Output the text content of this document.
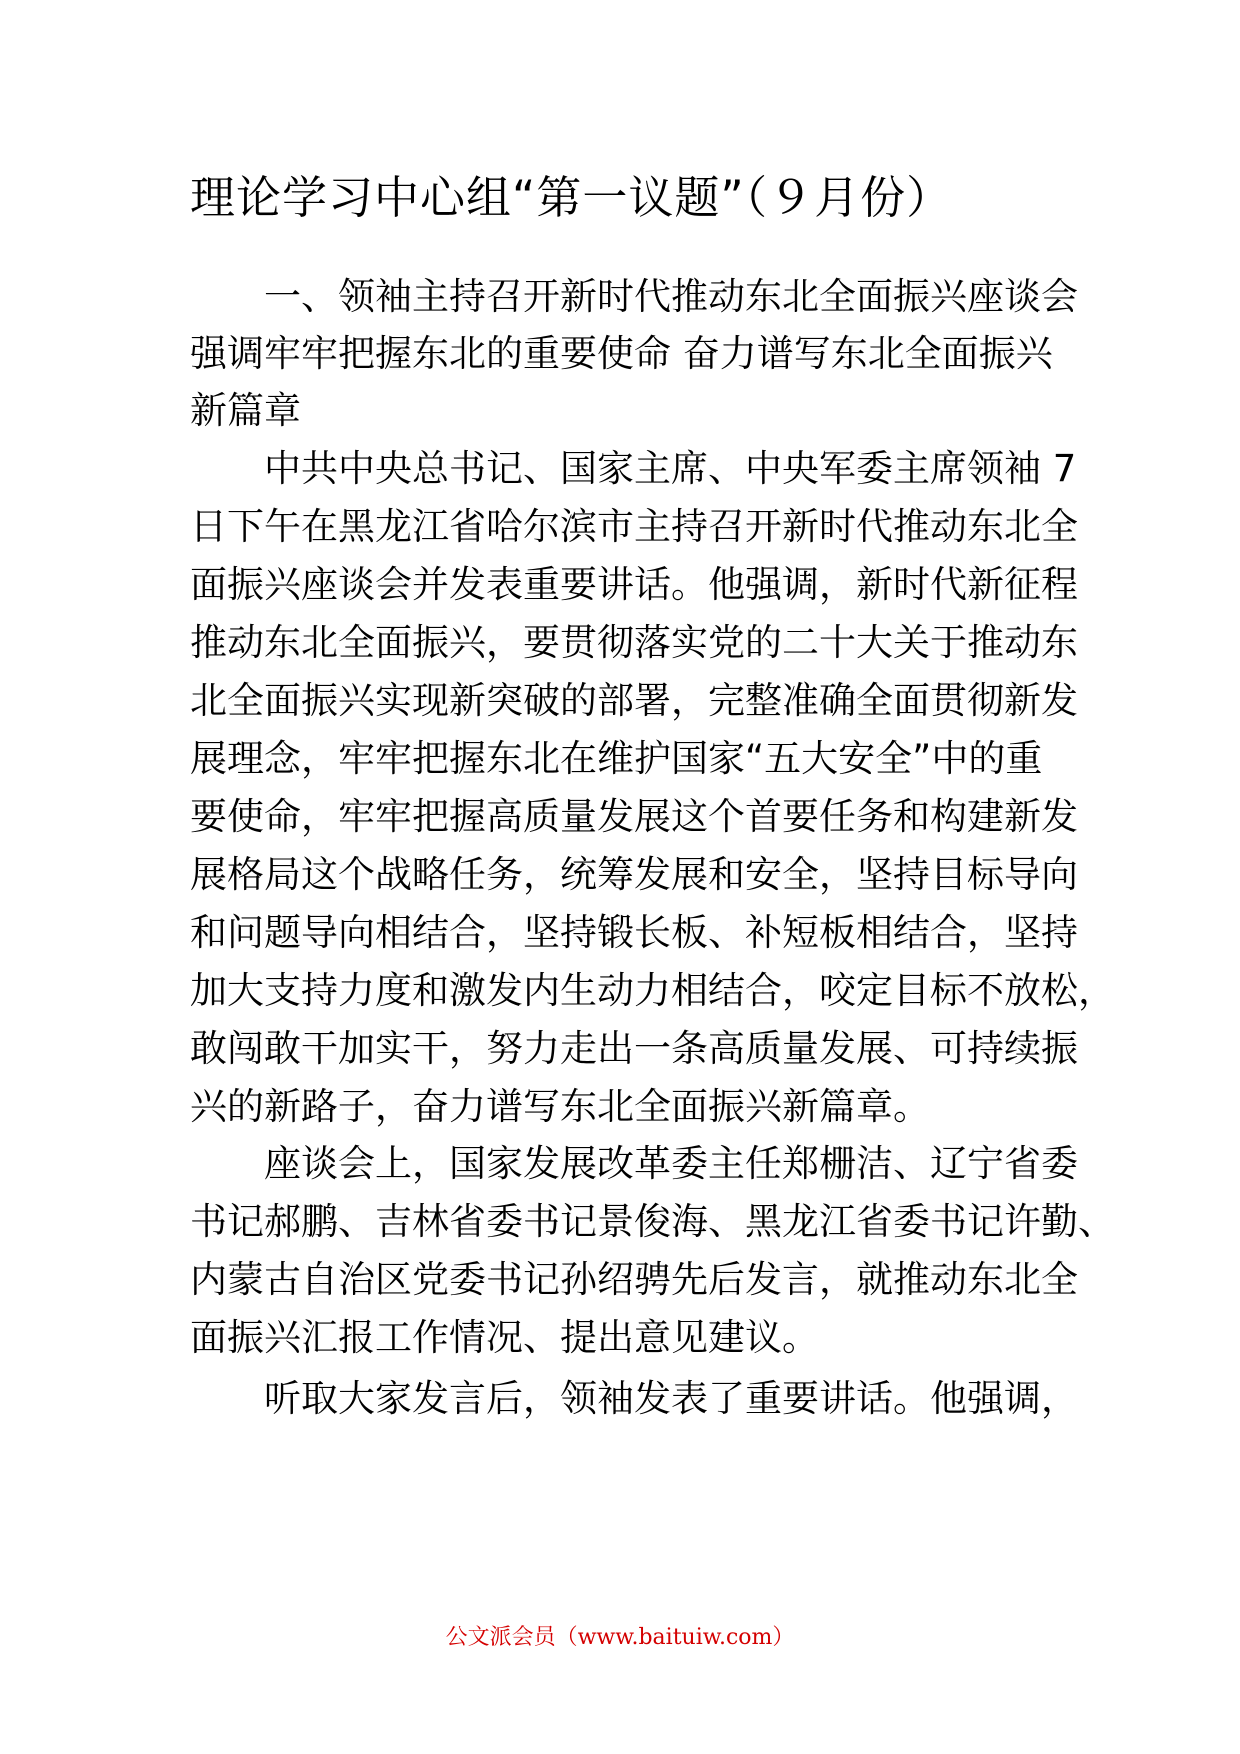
理论学习中心组“第一议题”（９月份）
一、领袖主持召开新时代推动东北全面振兴座谈会
强调牢牢把握东北的重要使命 奋力谱写东北全面振兴
新篇章
中共中央总书记、国家主席、中央军委主席领袖 7
日下午在黑龙江省哈尔滨市主持召开新时代推动东北全
面振兴座谈会并发表重要讲话。他强调，新时代新征程
推动东北全面振兴，要贯彻落实党的二十大关于推动东
北全面振兴实现新突破的部署，完整准确全面贯彻新发
展理念，牢牢把握东北在维护国家“五大安全”中的重
要使命，牢牢把握高质量发展这个首要任务和构建新发
展格局这个战略任务，统筹发展和安全，坚持目标导向
和问题导向相结合，坚持锻长板、补短板相结合，坚持
加大支持力度和激发内生动力相结合，咬定目标不放松，
敢闯敢干加实干，努力走出一条高质量发展、可持续振
兴的新路子，奋力谱写东北全面振兴新篇章。
座谈会上，国家发展改革委主任郑栅洁、辽宁省委
书记郝鹏、吉林省委书记景俊海、黑龙江省委书记许勤、
内蒙古自治区党委书记孙绍骋先后发言，就推动东北全
面振兴汇报工作情况、提出意见建议。
听取大家发言后，领袖发表了重要讲话。他强调，
公文派会员（www.baituiw.com）
